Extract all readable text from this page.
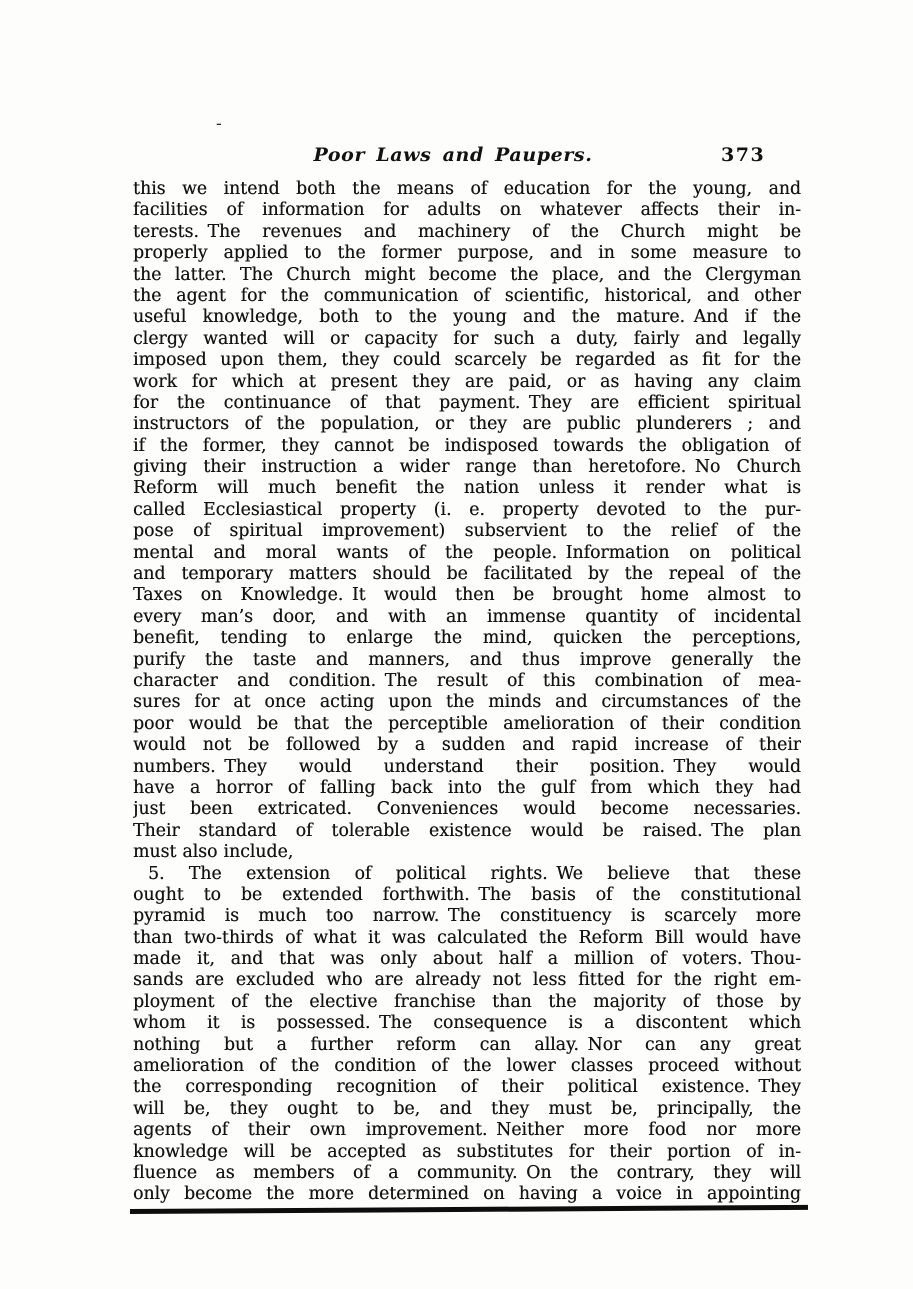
-
Poor Laws and Paupers.	373
this we intend both the means of education for the young, and
facilities of information for adults on whatever affects their in-
terests. The revenues and machinery of the Church might be
properly applied to the former purpose, and in some measure to
the latter. The Church might become the place, and the Clergyman
the agent for the communication of scientific, historical, and other
useful knowledge, both to the young and the mature. And if the
clergy wanted will or capacity for such a duty, fairly and legally
imposed upon them, they could scarcely be regarded as fit for the
work for which at present they are paid, or as having any claim
for the continuance of that payment. They are efficient spiritual
instructors of the population, or they are public plunderers ; and
if the former, they cannot be indisposed towards the obligation of
giving their instruction a wider range than heretofore. No Church
Reform will much benefit the nation unless it render what is
called Ecclesiastical property (i. e. property devoted to the pur-
pose of spiritual improvement) subservient to the relief of the
mental and moral wants of the people. Information on political
and temporary matters should be facilitated by the repeal of the
Taxes on Knowledge. It would then be brought home almost to
every man’s door, and with an immense quantity of incidental
benefit, tending to enlarge the mind, quicken the perceptions,
purify the taste and manners, and thus improve generally the
character and condition. The result of this combination of mea-
sures for at once acting upon the minds and circumstances of the
poor would be that the perceptible amelioration of their condition
would not be followed by a sudden and rapid increase of their
numbers. They would understand their position. They would
have a horror of falling back into the gulf from which they had
just been extricated. Conveniences would become necessaries.
Their standard of tolerable existence would be raised. The plan
must also include,
5. The extension of political rights. We believe that these
ought to be extended forthwith. The basis of the constitutional
pyramid is much too narrow. The constituency is scarcely more
than two-thirds of what it was calculated the Reform Bill would have
made it, and that was only about half a million of voters. Thou-
sands are excluded who are already not less fitted for the right em-
ployment of the elective franchise than the majority of those by
whom it is possessed. The consequence is a discontent which
nothing but a further reform can allay. Nor can any great
amelioration of the condition of the lower classes proceed without
the corresponding recognition of their political existence. They
will be, they ought to be, and they must be, principally, the
agents of their own improvement. Neither more food nor more
knowledge will be accepted as substitutes for their portion of in-
fluence as members of a community. On the contrary, they will
only become the more determined on having a voice in appointing
